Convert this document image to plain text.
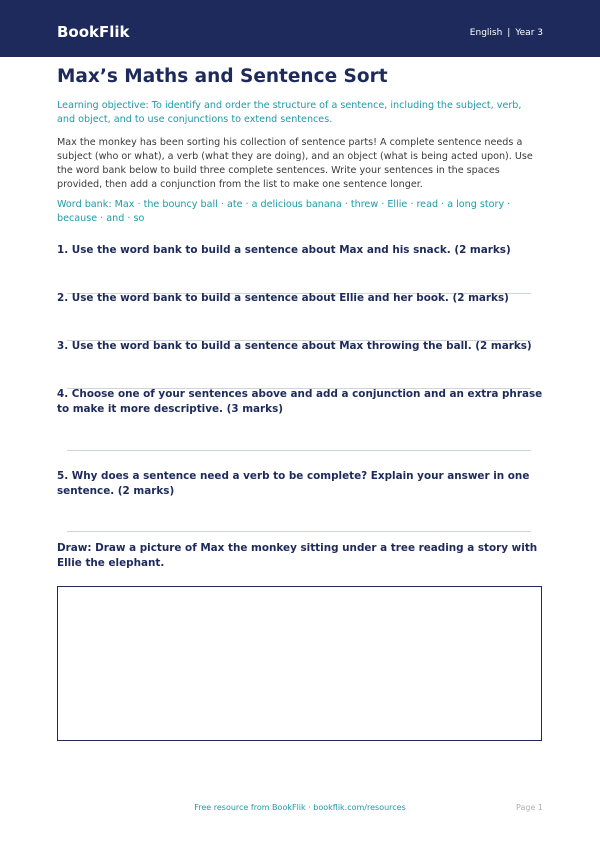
BookFlik	English | Year 3
Max’s Maths and Sentence Sort

Learning objective: To identify and order the structure of a sentence, including the subject, verb, and object, and to use conjunctions to extend sentences.

Max the monkey has been sorting his collection of sentence parts! A complete sentence needs a subject (who or what), a verb (what they are doing), and an object (what is being acted upon). Use the word bank below to build three complete sentences. Write your sentences in the spaces provided, then add a conjunction from the list to make one sentence longer.

Word bank: Max · the bouncy ball · ate · a delicious banana · threw · Ellie · read · a long story · because · and · so

1. Use the word bank to build a sentence about Max and his snack. (2 marks)

2. Use the word bank to build a sentence about Ellie and her book. (2 marks)

3. Use the word bank to build a sentence about Max throwing the ball. (2 marks)

4. Choose one of your sentences above and add a conjunction and an extra phrase to make it more descriptive. (3 marks)

5. Why does a sentence need a verb to be complete? Explain your answer in one sentence. (2 marks)

Draw: Draw a picture of Max the monkey sitting under a tree reading a story with Ellie the elephant.

Free resource from BookFlik · bookflik.com/resources	Page 1
